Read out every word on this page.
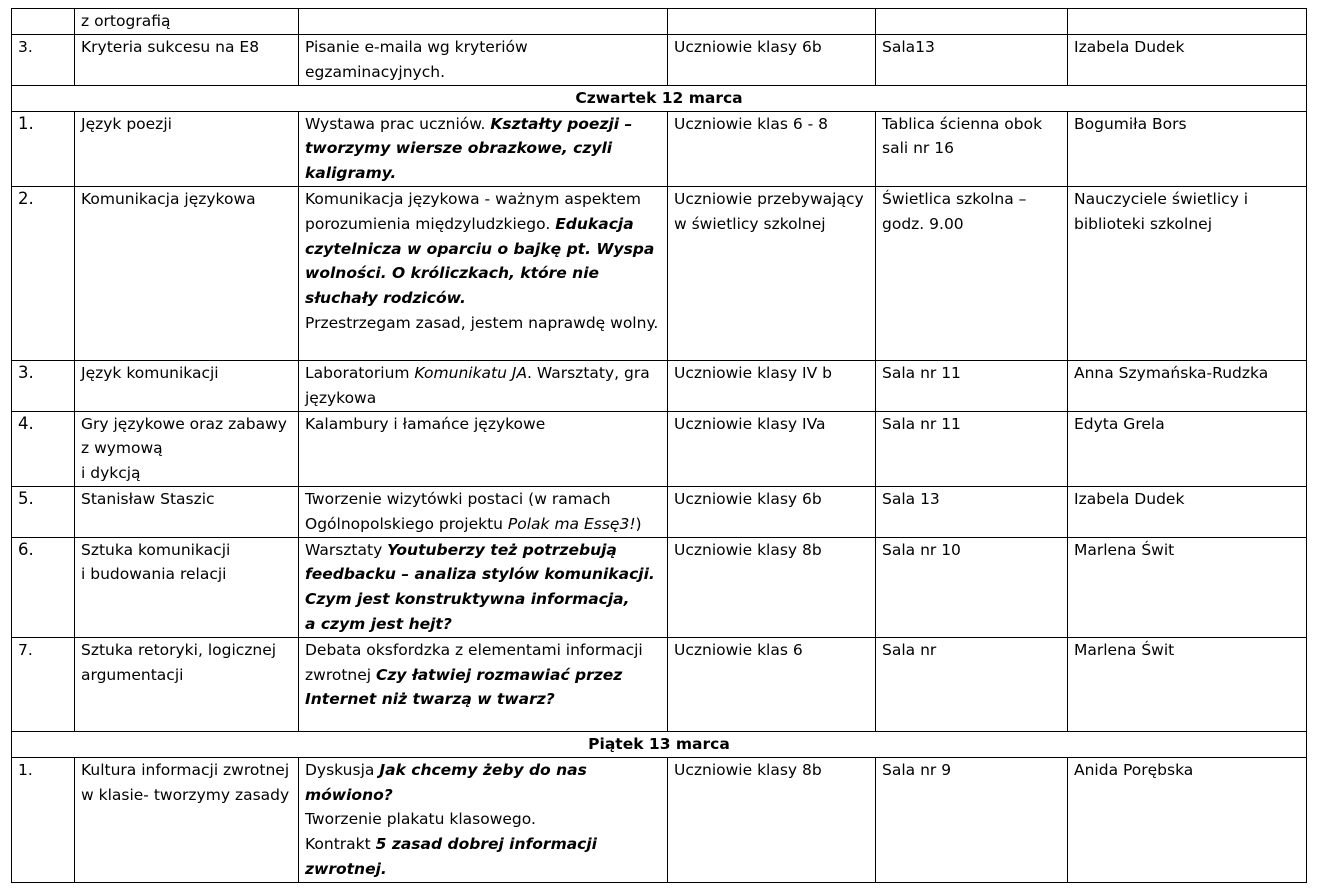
	z ortografią				
3.	Kryteria sukcesu na E8	Pisanie e-maila wg kryteriów egzaminacyjnych.	Uczniowie klasy 6b	Sala13	Izabela Dudek
Czwartek 12 marca					
1.	Język poezji	Wystawa prac uczniów. Kształty poezji – tworzymy wiersze obrazkowe, czyli kaligramy.	Uczniowie klas 6 - 8	Tablica ścienna obok sali nr 16	Bogumiła Bors
2.	Komunikacja językowa	Komunikacja językowa - ważnym aspektem porozumienia międzyludzkiego. Edukacja czytelnicza w oparciu o bajkę pt. Wyspa wolności. O króliczkach, które nie słuchały rodziców.
Przestrzegam zasad, jestem naprawdę wolny.	Uczniowie przebywający w świetlicy szkolnej	Świetlica szkolna – godz. 9.00	Nauczyciele świetlicy i biblioteki szkolnej
3.	Język komunikacji	Laboratorium Komunikatu JA. Warsztaty, gra językowa	Uczniowie klasy IV b	Sala nr 11	Anna Szymańska-Rudzka
4.	Gry językowe oraz zabawy z wymową
i dykcją	Kalambury i łamańce językowe	Uczniowie klasy IVa	Sala nr 11	Edyta Grela
5.	Stanisław Staszic	Tworzenie wizytówki postaci (w ramach Ogólnopolskiego projektu Polak ma Essę3!)	Uczniowie klasy 6b	Sala 13	Izabela Dudek
6.	Sztuka komunikacji
i budowania relacji	Warsztaty Youtuberzy też potrzebują feedbacku – analiza stylów komunikacji. Czym jest konstruktywna informacja,
a czym jest hejt?	Uczniowie klasy 8b	Sala nr 10	Marlena Świt
7.	Sztuka retoryki, logicznej argumentacji	Debata oksfordzka z elementami informacji zwrotnej Czy łatwiej rozmawiać przez Internet niż twarzą w twarz?	Uczniowie klas 6	Sala nr	Marlena Świt
Piątek 13 marca					
1.	Kultura informacji zwrotnej w klasie- tworzymy zasady	Dyskusja Jak chcemy żeby do nas mówiono?
Tworzenie plakatu klasowego.
Kontrakt 5 zasad dobrej informacji zwrotnej.	Uczniowie klasy 8b	Sala nr 9	Anida Porębska
